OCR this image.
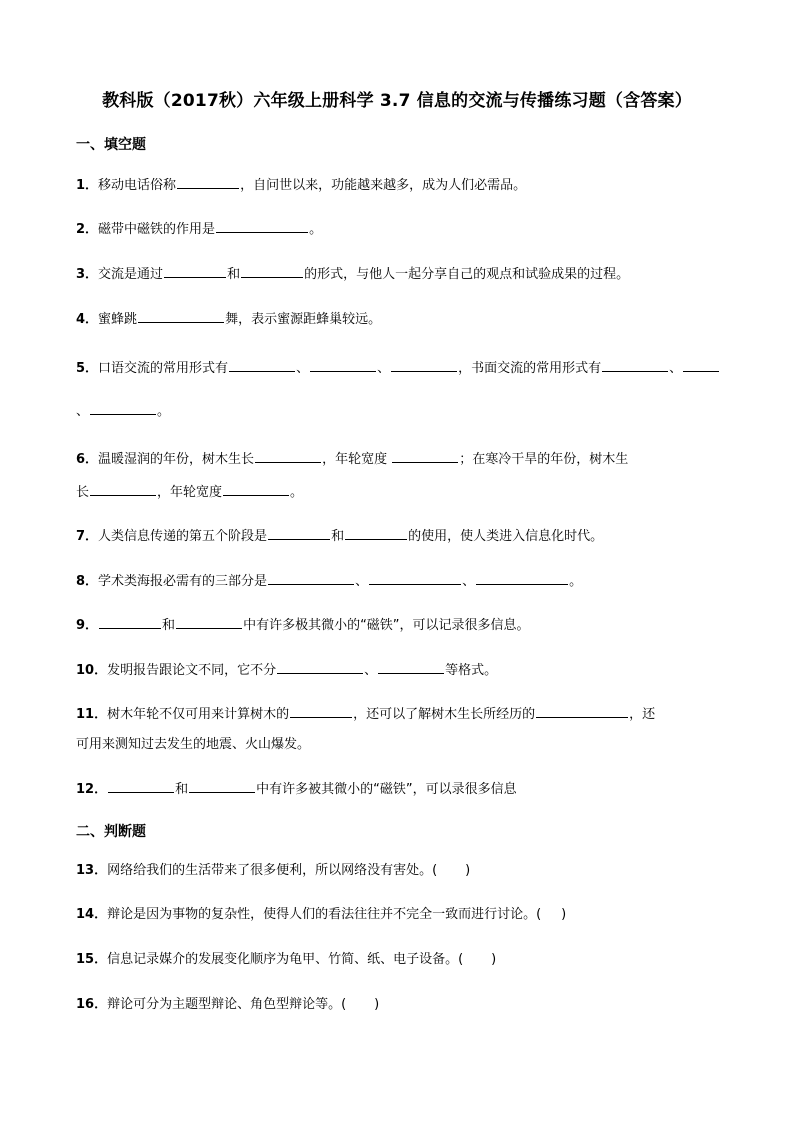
教科版（2017秋）六年级上册科学 3.7 信息的交流与传播练习题（含答案）
一、填空题
1．移动电话俗称	，自问世以来，功能越来越多，成为人们必需品。
2．磁带中磁铁的作用是	。
3．交流是通过	和	的形式，与他人一起分享自己的观点和试验成果的过程。
4．蜜蜂跳	舞，表示蜜源距蜂巢较远。
5．口语交流的常用形式有	、	、	，书面交流的常用形式有	、
、	。
6．温暖湿润的年份，树木生长	，年轮宽度	；在寒冷干旱的年份，树木生
长	，年轮宽度	。
7．人类信息传递的第五个阶段是	和	的使用，使人类进入信息化时代。
8．学术类海报必需有的三部分是	、	、	。
9．	和	中有许多极其微小的“磁铁”，可以记录很多信息。
10．发明报告跟论文不同，它不分	、	等格式。
11．树木年轮不仅可用来计算树木的	，还可以了解树木生长所经历的	，还
可用来测知过去发生的地震、火山爆发。
12．	和	中有许多被其微小的“磁铁”，可以录很多信息
二、判断题
13．网络给我们的生活带来了很多便利，所以网络没有害处。( )
14．辩论是因为事物的复杂性，使得人们的看法往往并不完全一致而进行讨论。( )
15．信息记录媒介的发展变化顺序为龟甲、竹简、纸、电子设备。( )
16．辩论可分为主题型辩论、角色型辩论等。( )
